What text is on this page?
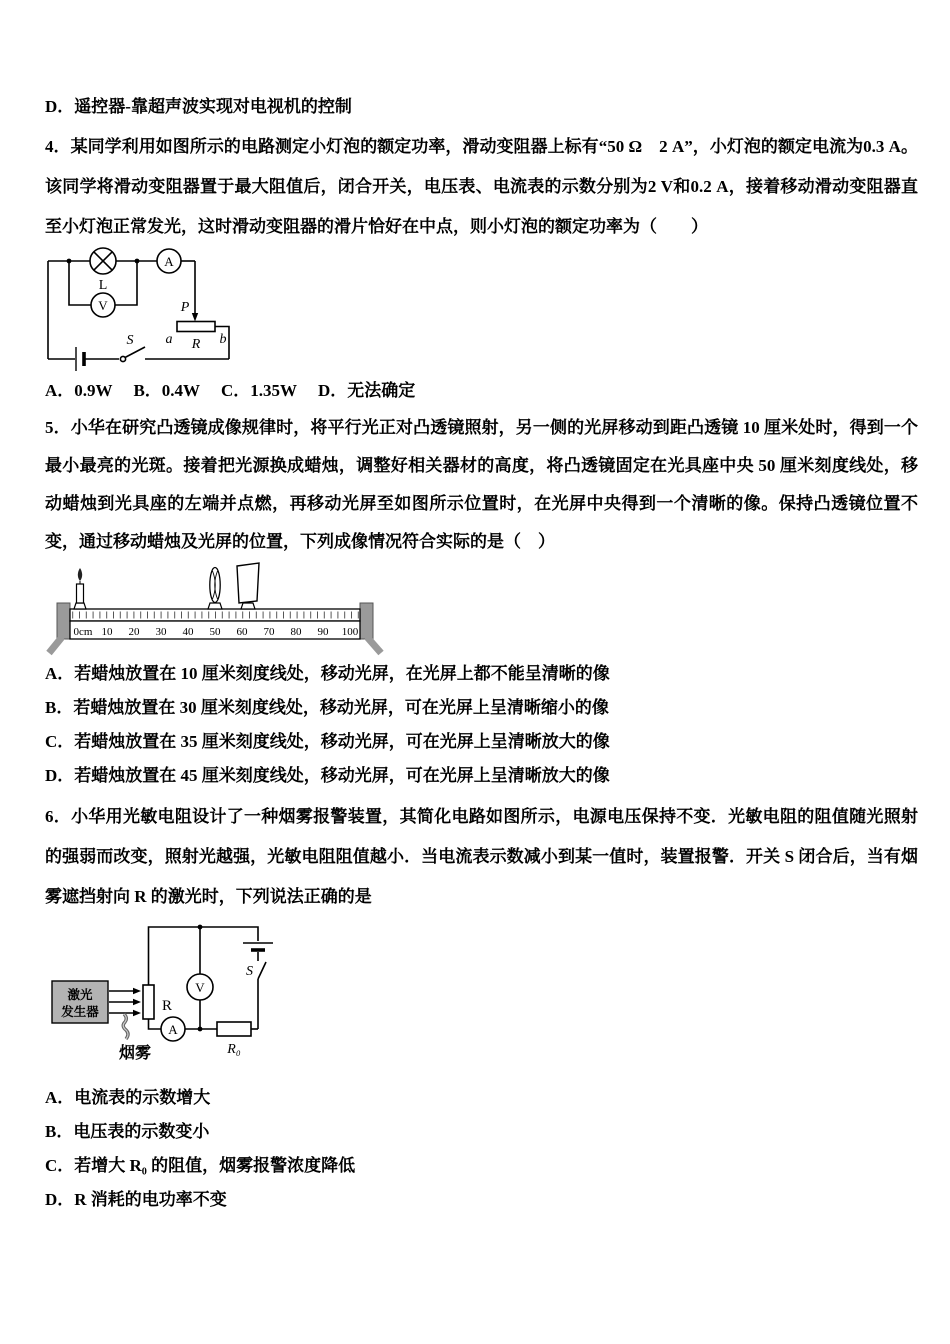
D．遥控器-靠超声波实现对电视机的控制
4．某同学利用如图所示的电路测定小灯泡的额定功率，滑动变阻器上标有“50 Ω　2 A”，小灯泡的额定电流为0.3 A。该同学将滑动变阻器置于最大阻值后，闭合开关，电压表、电流表的示数分别为2 V和0.2 A，接着移动滑动变阻器直至小灯泡正常发光，这时滑动变阻器的滑片恰好在中点，则小灯泡的额定功率为（　　）
L
A
V	P
a R b
S
A．0.9W 　B．0.4W 　C．1.35W 　D．无法确定
5．小华在研究凸透镜成像规律时，将平行光正对凸透镜照射，另一侧的光屏移动到距凸透镜 10 厘米处时，得到一个最小最亮的光斑。接着把光源换成蜡烛，调整好相关器材的高度，将凸透镜固定在光具座中央 50 厘米刻度线处，移动蜡烛到光具座的左端并点燃，再移动光屏至如图所示位置时，在光屏中央得到一个清晰的像。保持凸透镜位置不变，通过移动蜡烛及光屏的位置，下列成像情况符合实际的是（　）
0cm 10 20 30 40 50 60 70 80 90 100
A．若蜡烛放置在 10 厘米刻度线处，移动光屏，在光屏上都不能呈清晰的像
B．若蜡烛放置在 30 厘米刻度线处，移动光屏，可在光屏上呈清晰缩小的像
C．若蜡烛放置在 35 厘米刻度线处，移动光屏，可在光屏上呈清晰放大的像
D．若蜡烛放置在 45 厘米刻度线处，移动光屏，可在光屏上呈清晰放大的像
6．小华用光敏电阻设计了一种烟雾报警装置，其简化电路如图所示，电源电压保持不变．光敏电阻的阻值随光照射的强弱而改变，照射光越强，光敏电阻阻值越小．当电流表示数减小到某一值时，装置报警．开关 S 闭合后，当有烟雾遮挡射向 R 的激光时，下列说法正确的是
激光
发生器	R
A
V
R₀
S
烟雾
A．电流表的示数增大
B．电压表的示数变小
C．若增大 R₀ 的阻值，烟雾报警浓度降低
D．R 消耗的电功率不变
